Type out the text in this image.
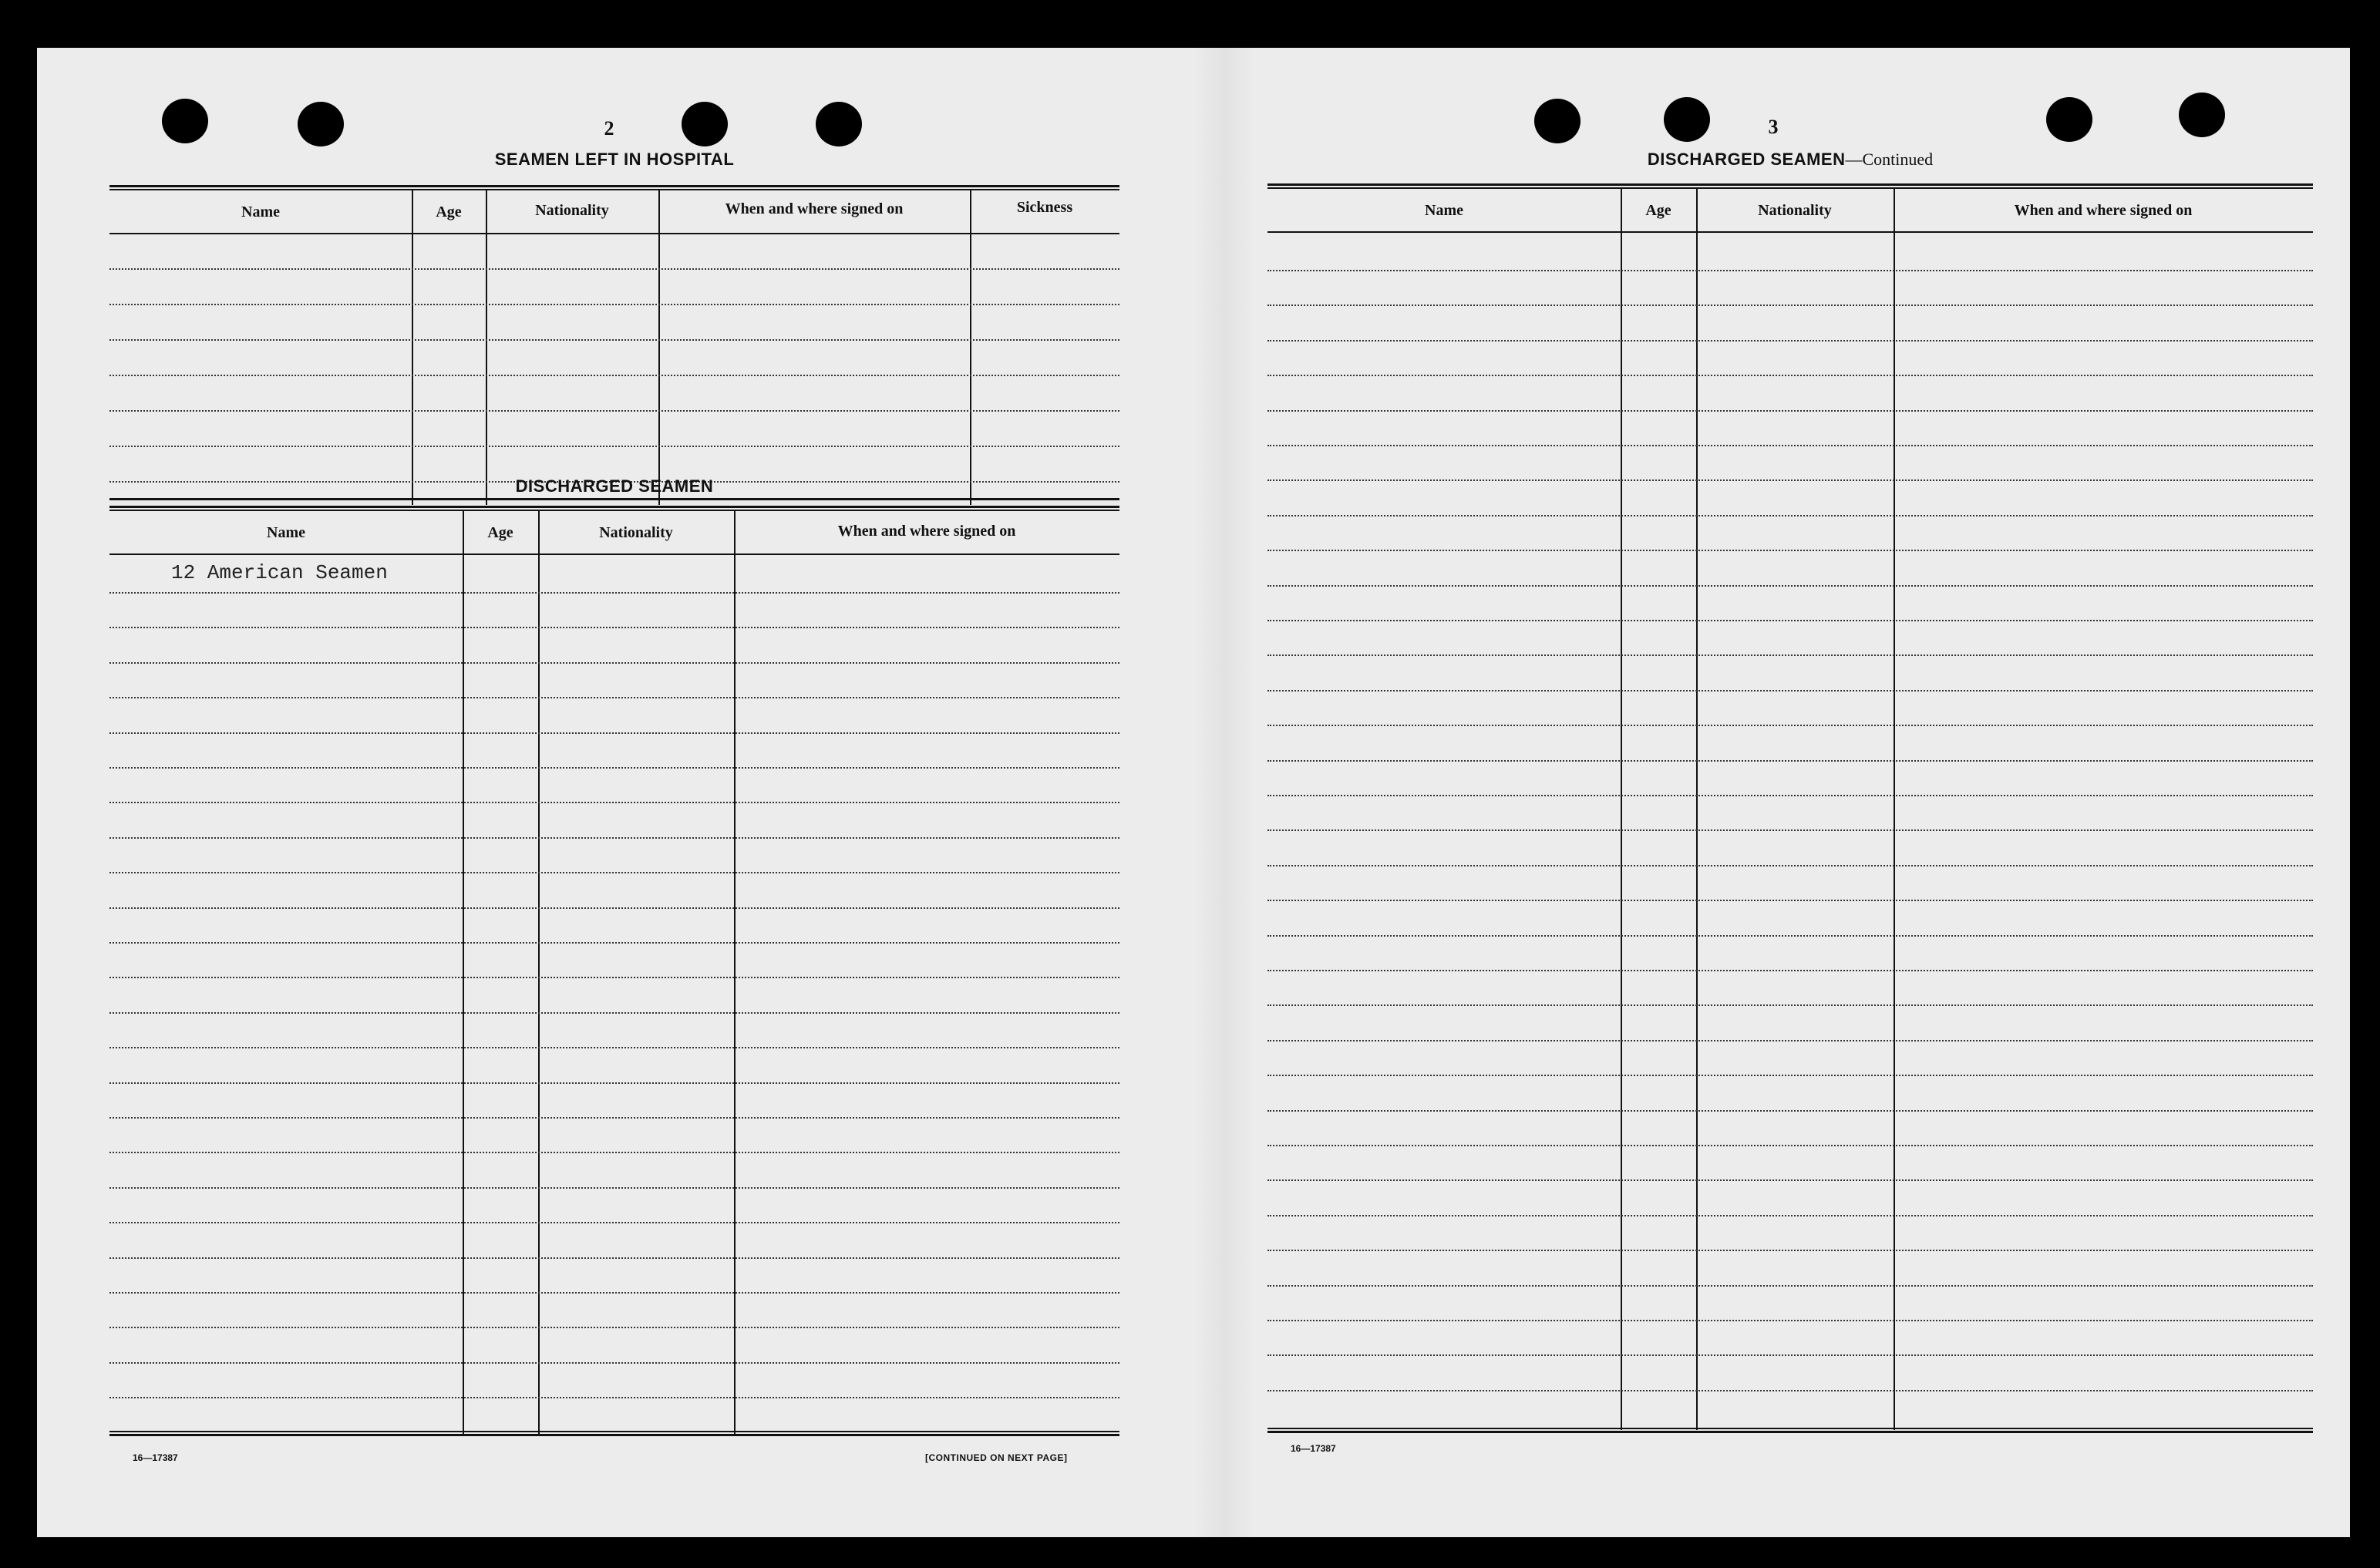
2
SEAMEN LEFT IN HOSPITAL
Name	Age	Nationality	When and where signed on	Sickness
DISCHARGED SEAMEN
Name	Age	Nationality	When and where signed on
12 American Seamen
16—17387	[CONTINUED ON NEXT PAGE]
3
DISCHARGED SEAMEN—Continued
Name	Age	Nationality	When and where signed on
16—17387
